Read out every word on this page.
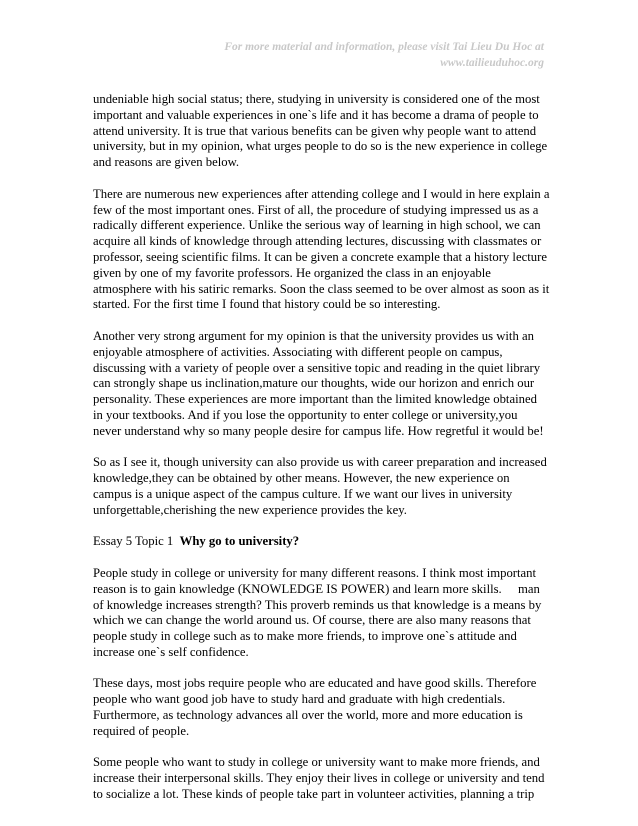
For more material and information, please visit Tai Lieu Du Hoc at
www.tailieuduhoc.org

undeniable high social status; there, studying in university is considered one of the most
important and valuable experiences in one`s life and it has become a drama of people to
attend university. It is true that various benefits can be given why people want to attend
university, but in my opinion, what urges people to do so is the new experience in college
and reasons are given below.

There are numerous new experiences after attending college and I would in here explain a
few of the most important ones. First of all, the procedure of studying impressed us as a
radically different experience. Unlike the serious way of learning in high school, we can
acquire all kinds of knowledge through attending lectures, discussing with classmates or
professor, seeing scientific films. It can be given a concrete example that a history lecture
given by one of my favorite professors. He organized the class in an enjoyable
atmosphere with his satiric remarks. Soon the class seemed to be over almost as soon as it
started. For the first time I found that history could be so interesting.

Another very strong argument for my opinion is that the university provides us with an
enjoyable atmosphere of activities. Associating with different people on campus,
discussing with a variety of people over a sensitive topic and reading in the quiet library
can strongly shape us inclination,mature our thoughts, wide our horizon and enrich our
personality. These experiences are more important than the limited knowledge obtained
in your textbooks. And if you lose the opportunity to enter college or university,you
never understand why so many people desire for campus life. How regretful it would be!

So as I see it, though university can also provide us with career preparation and increased
knowledge,they can be obtained by other means. However, the new experience on
campus is a unique aspect of the campus culture. If we want our lives in university
unforgettable,cherishing the new experience provides the key.

Essay 5 Topic 1 Why go to university?

People study in college or university for many different reasons. I think most important
reason is to gain knowledge (KNOWLEDGE IS POWER) and learn more skills. man
of knowledge increases strength? This proverb reminds us that knowledge is a means by
which we can change the world around us. Of course, there are also many reasons that
people study in college such as to make more friends, to improve one`s attitude and
increase one`s self confidence.

These days, most jobs require people who are educated and have good skills. Therefore
people who want good job have to study hard and graduate with high credentials.
Furthermore, as technology advances all over the world, more and more education is
required of people.

Some people who want to study in college or university want to make more friends, and
increase their interpersonal skills. They enjoy their lives in college or university and tend
to socialize a lot. These kinds of people take part in volunteer activities, planning a trip
